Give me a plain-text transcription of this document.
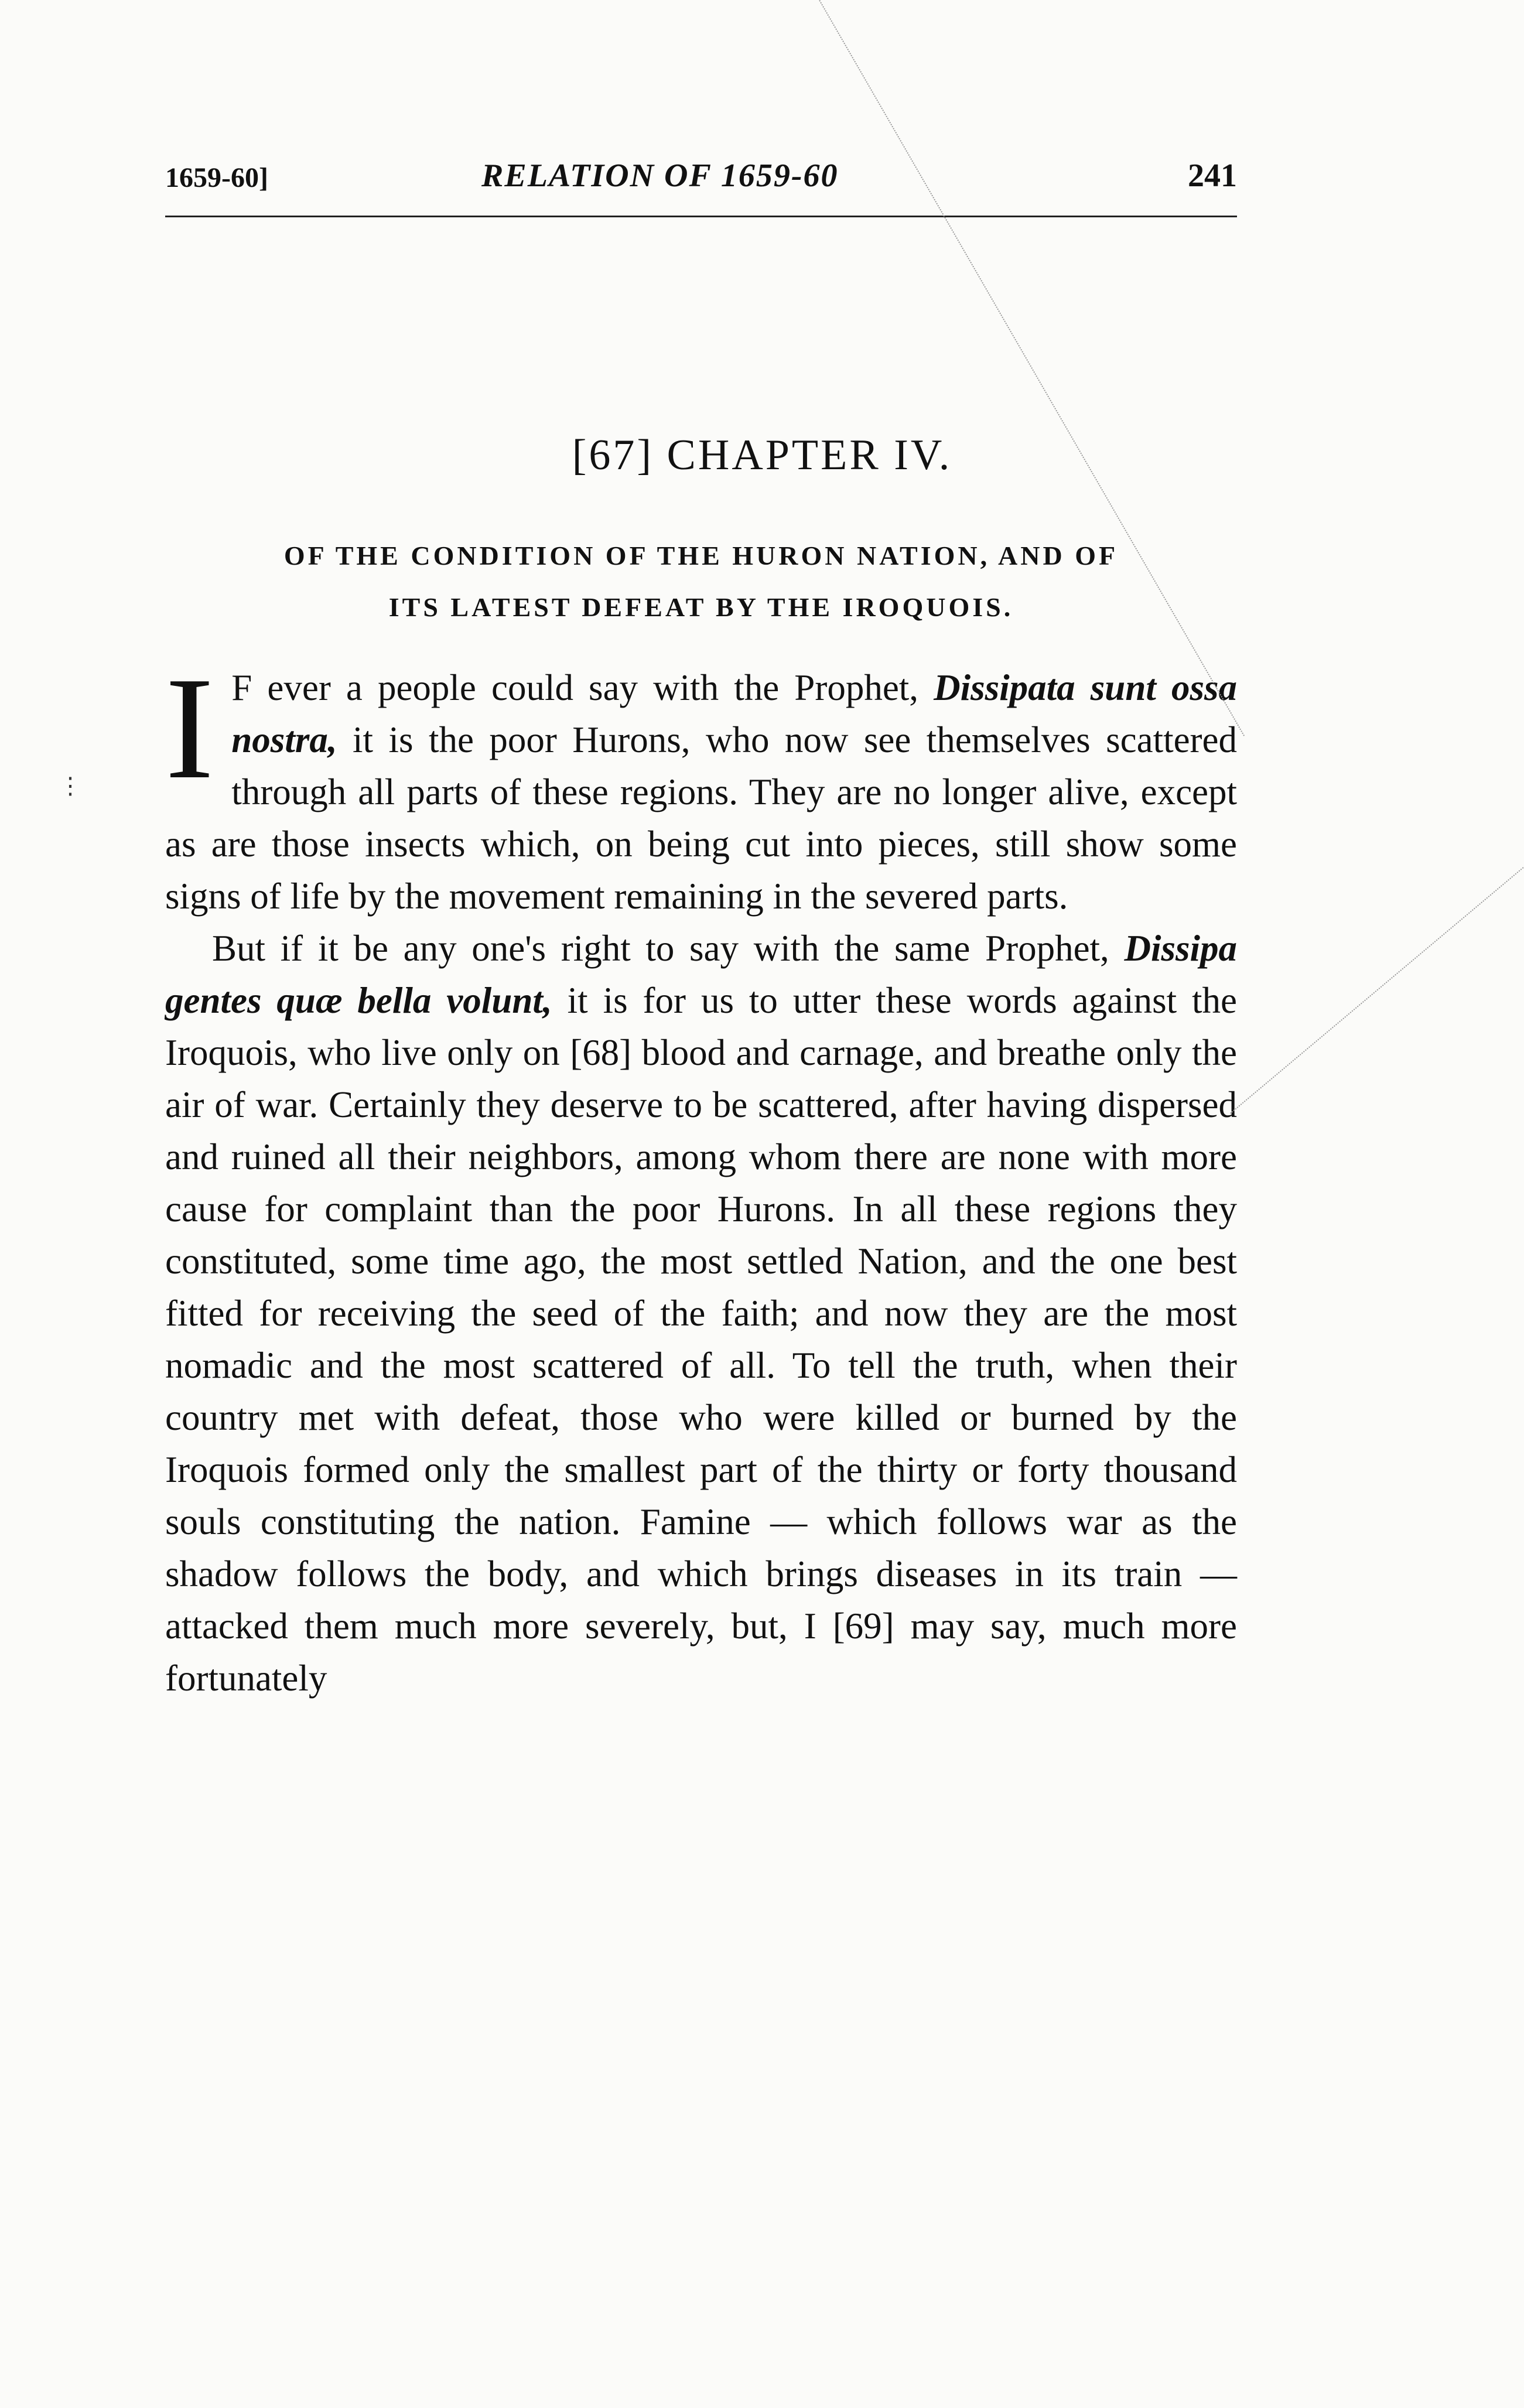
1659-60]	RELATION OF 1659-60	241
[67] CHAPTER IV.
OF THE CONDITION OF THE HURON NATION, AND OF
ITS LATEST DEFEAT BY THE IROQUOIS.

I F ever a people could say with the Prophet, Dissipata sunt ossa nostra, it is the poor Hurons, who now see themselves scattered through all parts of these regions. They are no longer alive, except as are those insects which, on being cut into pieces, still show some signs of life by the movement remaining in the severed parts.

But if it be any one's right to say with the same Prophet, Dissipa gentes quæ bella volunt, it is for us to utter these words against the Iroquois, who live only on [68] blood and carnage, and breathe only the air of war. Certainly they deserve to be scattered, after having dispersed and ruined all their neighbors, among whom there are none with more cause for complaint than the poor Hurons. In all these regions they constituted, some time ago, the most settled Nation, and the one best fitted for receiving the seed of the faith; and now they are the most nomadic and the most scattered of all. To tell the truth, when their country met with defeat, those who were killed or burned by the Iroquois formed only the smallest part of the thirty or forty thousand souls constituting the nation. Famine — which follows war as the shadow follows the body, and which brings diseases in its train — attacked them much more severely, but, I [69] may say, much more fortunately

⋮
